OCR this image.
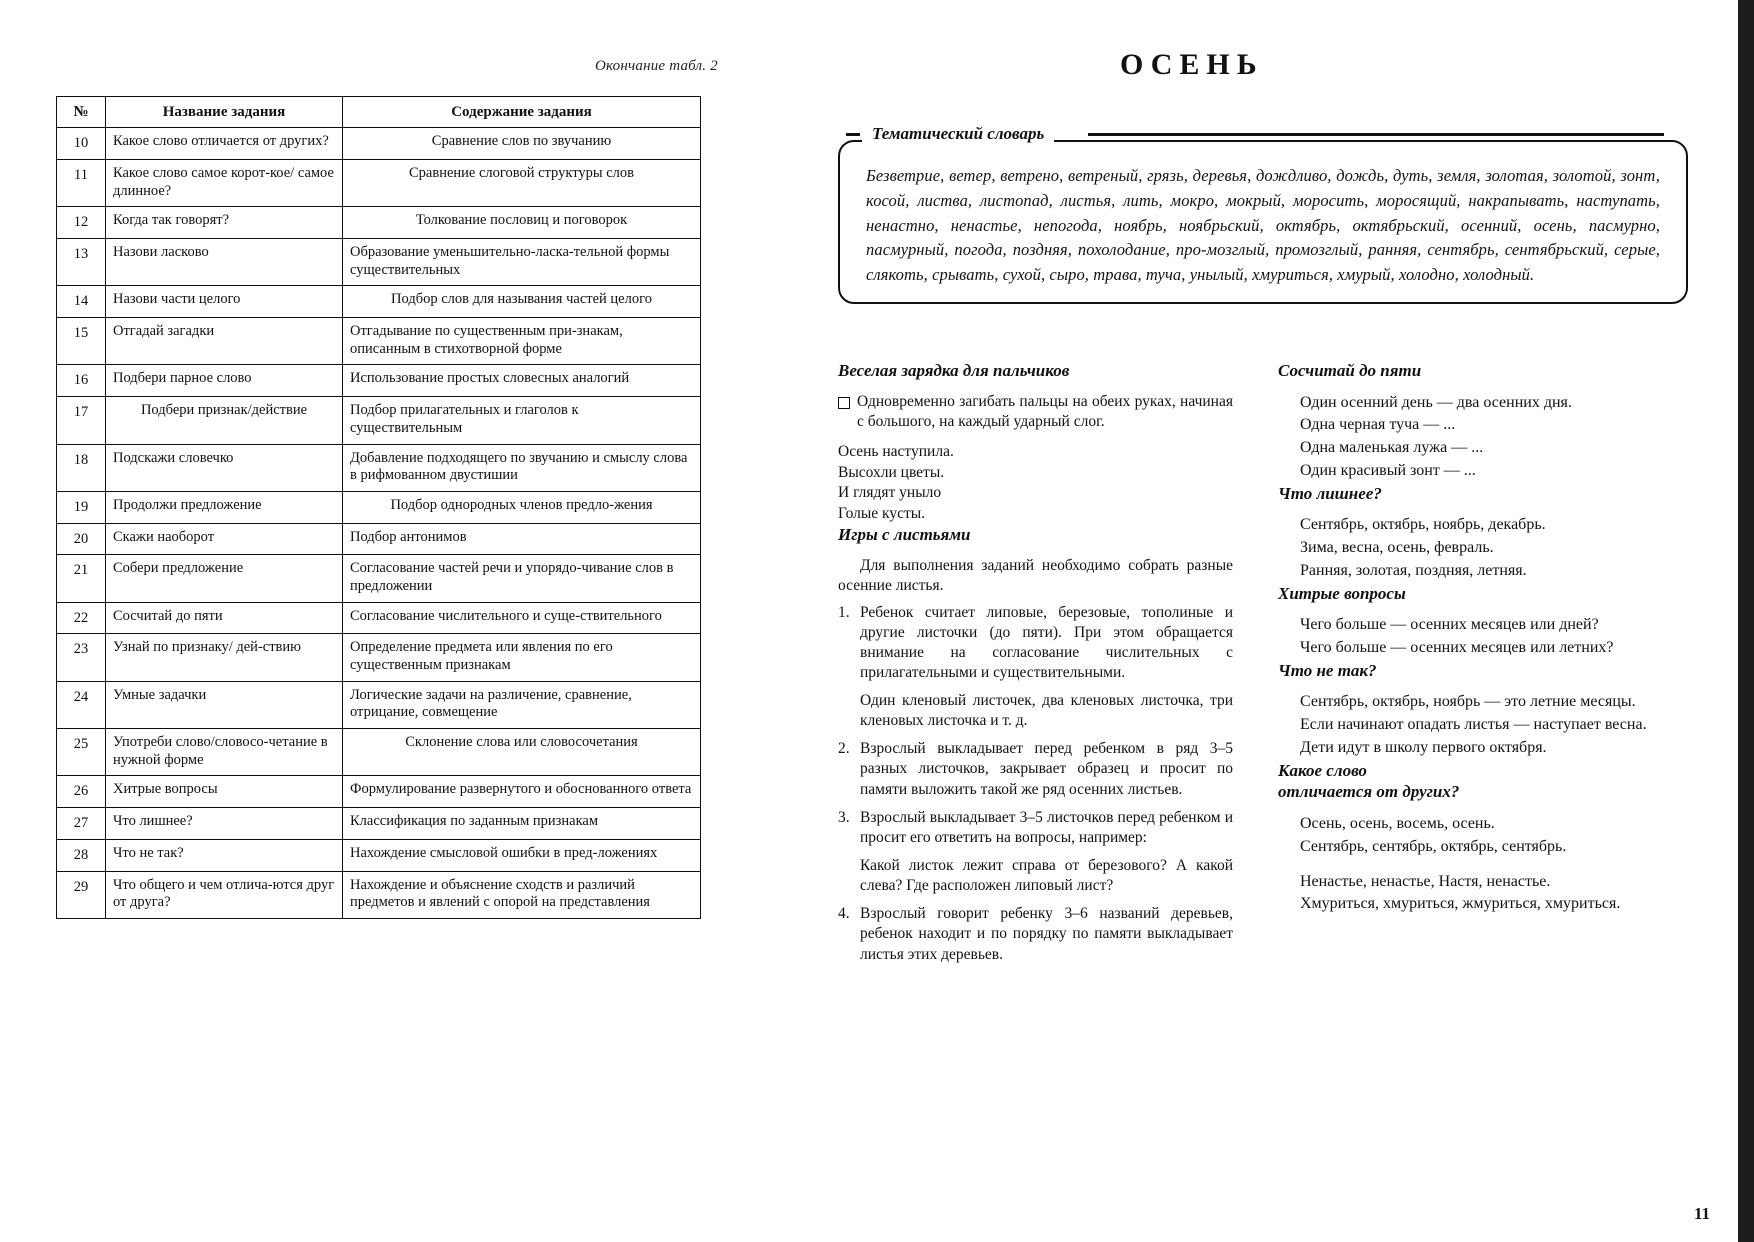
Окончание табл. 2
№	Название задания	Содержание задания
10	Какое слово отличается от других?	Сравнение слов по звучанию
11	Какое слово самое корот-кое/ самое длинное?	Сравнение слоговой структуры слов
12	Когда так говорят?	Толкование пословиц и поговорок
13	Назови ласково	Образование уменьшительно-ласка-тельной формы существительных
14	Назови части целого	Подбор слов для называния частей целого
15	Отгадай загадки	Отгадывание по существенным при-знакам, описанным в стихотворной форме
16	Подбери парное слово	Использование простых словесных аналогий
17	Подбери признак/действие	Подбор прилагательных и глаголов к существительным
18	Подскажи словечко	Добавление подходящего по звучанию и смыслу слова в рифмованном двустишии
19	Продолжи предложение	Подбор однородных членов предло-жения
20	Скажи наоборот	Подбор антонимов
21	Собери предложение	Согласование частей речи и упорядо-чивание слов в предложении
22	Сосчитай до пяти	Согласование числительного и суще-ствительного
23	Узнай по признаку/ дей-ствию	Определение предмета или явления по его существенным признакам
24	Умные задачки	Логические задачи на различение, сравнение, отрицание, совмещение
25	Употреби слово/словосо-четание в нужной форме	Склонение слова или словосочетания
26	Хитрые вопросы	Формулирование развернутого и обоснованного ответа
27	Что лишнее?	Классификация по заданным признакам
28	Что не так?	Нахождение смысловой ошибки в пред-ложениях
29	Что общего и чем отлича-ются друг от друга?	Нахождение и объяснение сходств и различий предметов и явлений с опорой на представления
ОСЕНЬ
Безветрие, ветер, ветрено, ветреный, грязь, деревья, дождливо, дождь, дуть, земля, золотая, золотой, зонт, косой, листва, листопад, листья, лить, мокро, мокрый, моросить, моросящий, накрапывать, наступать, ненастно, ненастье, непогода, ноябрь, ноябрьский, октябрь, октябрьский, осенний, осень, пасмурно, пасмурный, погода, поздняя, похолодание, про-мозглый, промозглый, ранняя, сентябрь, сентябрьский, серые, слякоть, срывать, сухой, сыро, трава, туча, унылый, хмуриться, хмурый, холодно, холодный.
Тематический словарь
Веселая зарядка для пальчиков
Одновременно загибать пальцы на обеих руках, начиная с большого, на каждый ударный слог.
Осень наступила.
Высохли цветы.
И глядят уныло
Голые кусты.
Игры с листьями

Для выполнения заданий необходимо собрать разные осенние листья.

1. Ребенок считает липовые, березовые, тополиные и другие листочки (до пяти). При этом обращается внимание на согласование числительных с прилагательными и существительными.
Один кленовый листочек, два кленовых листочка, три кленовых листочка и т. д.
2. Взрослый выкладывает перед ребенком в ряд 3–5 разных листочков, закрывает образец и просит по памяти выложить такой же ряд осенних листьев.
3. Взрослый выкладывает 3–5 листочков перед ребенком и просит его ответить на вопросы, например:
Какой листок лежит справа от березового? А какой слева? Где расположен липовый лист?
4. Взрослый говорит ребенку 3–6 названий деревьев, ребенок находит и по порядку по памяти выкладывает листья этих деревьев.
Сосчитай до пяти
Один осенний день — два осенних дня.
Одна черная туча — ...
Одна маленькая лужа — ...
Один красивый зонт — ...
Что лишнее?
Сентябрь, октябрь, ноябрь, декабрь.
Зима, весна, осень, февраль.
Ранняя, золотая, поздняя, летняя.
Хитрые вопросы
Чего больше — осенних месяцев или дней?
Чего больше — осенних месяцев или летних?
Что не так?
Сентябрь, октябрь, ноябрь — это летние месяцы.
Если начинают опадать листья — наступает весна.
Дети идут в школу первого октября.
Какое слово
отличается от других?
Осень, осень, восемь, осень.
Сентябрь, сентябрь, октябрь, сентябрь.
Ненастье, ненастье, Настя, ненастье.
Хмуриться, хмуриться, жмуриться, хмуриться.
11
